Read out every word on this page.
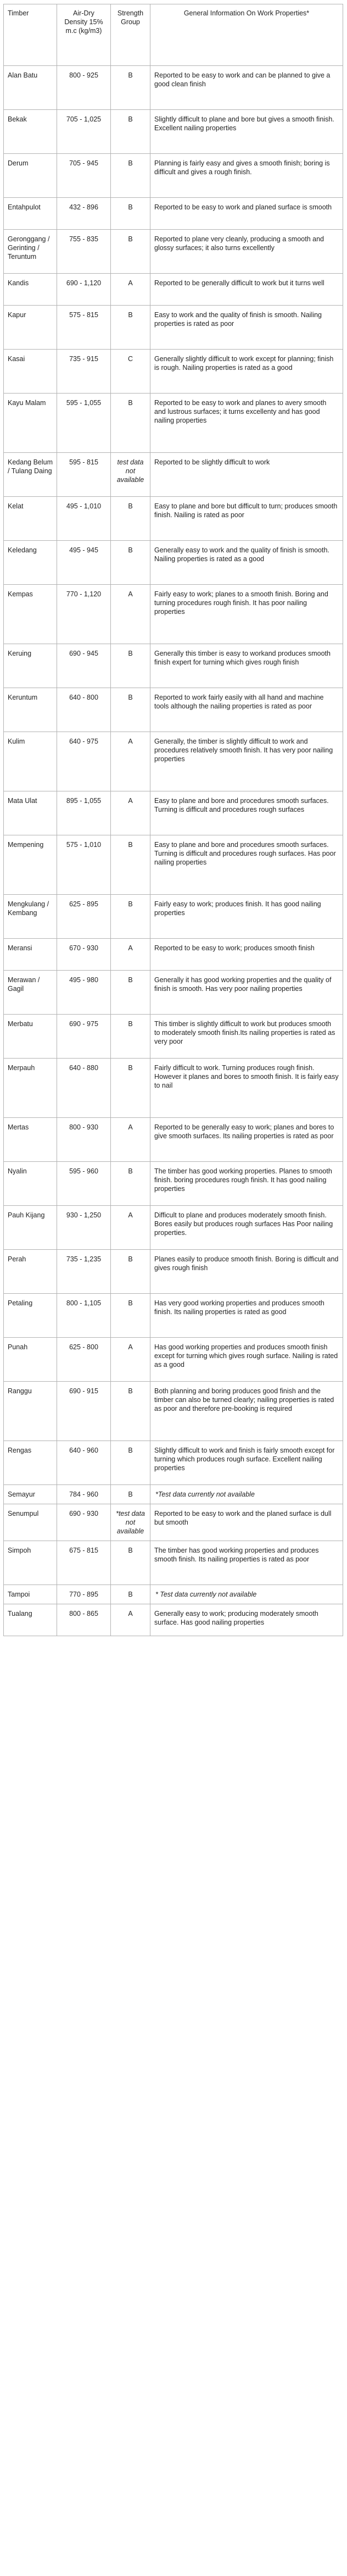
Timber	Air-Dry Density 15% m.c (kg/m3)	Strength Group	General Information On Work Properties*
Alan Batu	800 - 925	B	Reported to be easy to work and can be planned to give a good clean finish
Bekak	705 - 1,025	B	Slightly difficult to plane and bore but gives a smooth finish. Excellent nailing properties
Derum	705 - 945	B	Planning is fairly easy and gives a smooth finish; boring is difficult and gives a rough finish.
Entahpulot	432 - 896	B	Reported to be easy to work and planed surface is smooth
Geronggang / Gerinting / Teruntum	755 - 835	B	Reported to plane very cleanly, producing a smooth and glossy surfaces; it also turns excellently
Kandis	690 - 1,120	A	Reported to be generally difficult to work but it turns well
Kapur	575 - 815	B	Easy to work and the quality of finish is smooth. Nailing properties is rated as poor
Kasai	735 - 915	C	Generally slightly difficult to work except for planning; finish is rough. Nailing properties is rated as a good
Kayu Malam	595 - 1,055	B	Reported to be easy to work and planes to avery smooth and lustrous surfaces; it turns excellenty and has good nailing properties
Kedang Belum / Tulang Daing	595 - 815	test data not available	Reported to be slightly difficult to work
Kelat	495 - 1,010	B	Easy to plane and bore but difficult to turn; produces smooth finish. Nailing is rated as poor
Keledang	495 - 945	B	Generally easy to work and the quality of finish is smooth. Nailing properties is rated as a good
Kempas	770 - 1,120	A	Fairly easy to work; planes to a smooth finish. Boring and turning procedures rough finish. It has poor nailing properties
Keruing	690 - 945	B	Generally this timber is easy to workand produces smooth finish expert for turning which gives rough finish
Keruntum	640 - 800	B	Reported to work fairly easily with all hand and machine tools although the nailing properties is rated as poor
Kulim	640 - 975	A	Generally, the timber is slightly difficult to work and procedures relatively smooth finish. It has very poor nailing properties
Mata Ulat	895 - 1,055	A	Easy to plane and bore and procedures smooth surfaces. Turning is difficult and procedures rough surfaces
Mempening	575 - 1,010	B	Easy to plane and bore and procedures smooth surfaces. Turning is difficult and procedures rough surfaces. Has poor nailing properties
Mengkulang / Kembang	625 - 895	B	Fairly easy to work; produces finish. It has good nailing properties
Meransi	670 - 930	A	Reported to be easy to work; produces smooth finish
Merawan / Gagil	495 - 980	B	Generally it has good working properties and the quality of finish is smooth. Has very poor nailing properties
Merbatu	690 - 975	B	This timber is slightly difficult to work but produces smooth to moderately smooth finish.Its nailing properties is rated as very poor
Merpauh	640 - 880	B	Fairly difficult to work. Turning produces rough finish. However it planes and bores to smooth finish. It is fairly easy to nail
Mertas	800 - 930	A	Reported to be generally easy to work; planes and bores to give smooth surfaces. Its nailing properties is rated as poor
Nyalin	595 - 960	B	The timber has good working properties. Planes to smooth finish. boring procedures rough finish. It has good nailing properties
Pauh Kijang	930 - 1,250	A	Difficult to plane and produces moderately smooth finish. Bores easily but produces rough surfaces Has Poor nailing properties.
Perah	735 - 1,235	B	Planes easily to produce smooth finish. Boring is difficult and gives rough finish
Petaling	800 - 1,105	B	Has very good working properties and produces smooth finish. Its nailing properties is rated as good
Punah	625 - 800	A	Has good working properties and produces smooth finish except for turning which gives rough surface. Nailing is rated as a good
Ranggu	690 - 915	B	Both planning and boring produces good finish and the timber can also be turned clearly; nailing properties is rated as poor and therefore pre-booking is required
Rengas	640 - 960	B	Slightly difficult to work and finish is fairly smooth except for turning which produces rough surface. Excellent nailing properties
Semayur	784 - 960	B	*Test data currently not available
Senumpul	690 - 930	*test data not available	Reported to be easy to work and the planed surface is dull but smooth
Simpoh	675 - 815	B	The timber has good working properties and produces smooth finish. Its nailing properties is rated as poor
Tampoi	770 - 895	B	* Test data currently not available
Tualang	800 - 865	A	Generally easy to work; producing moderately smooth surface. Has good nailing properties
